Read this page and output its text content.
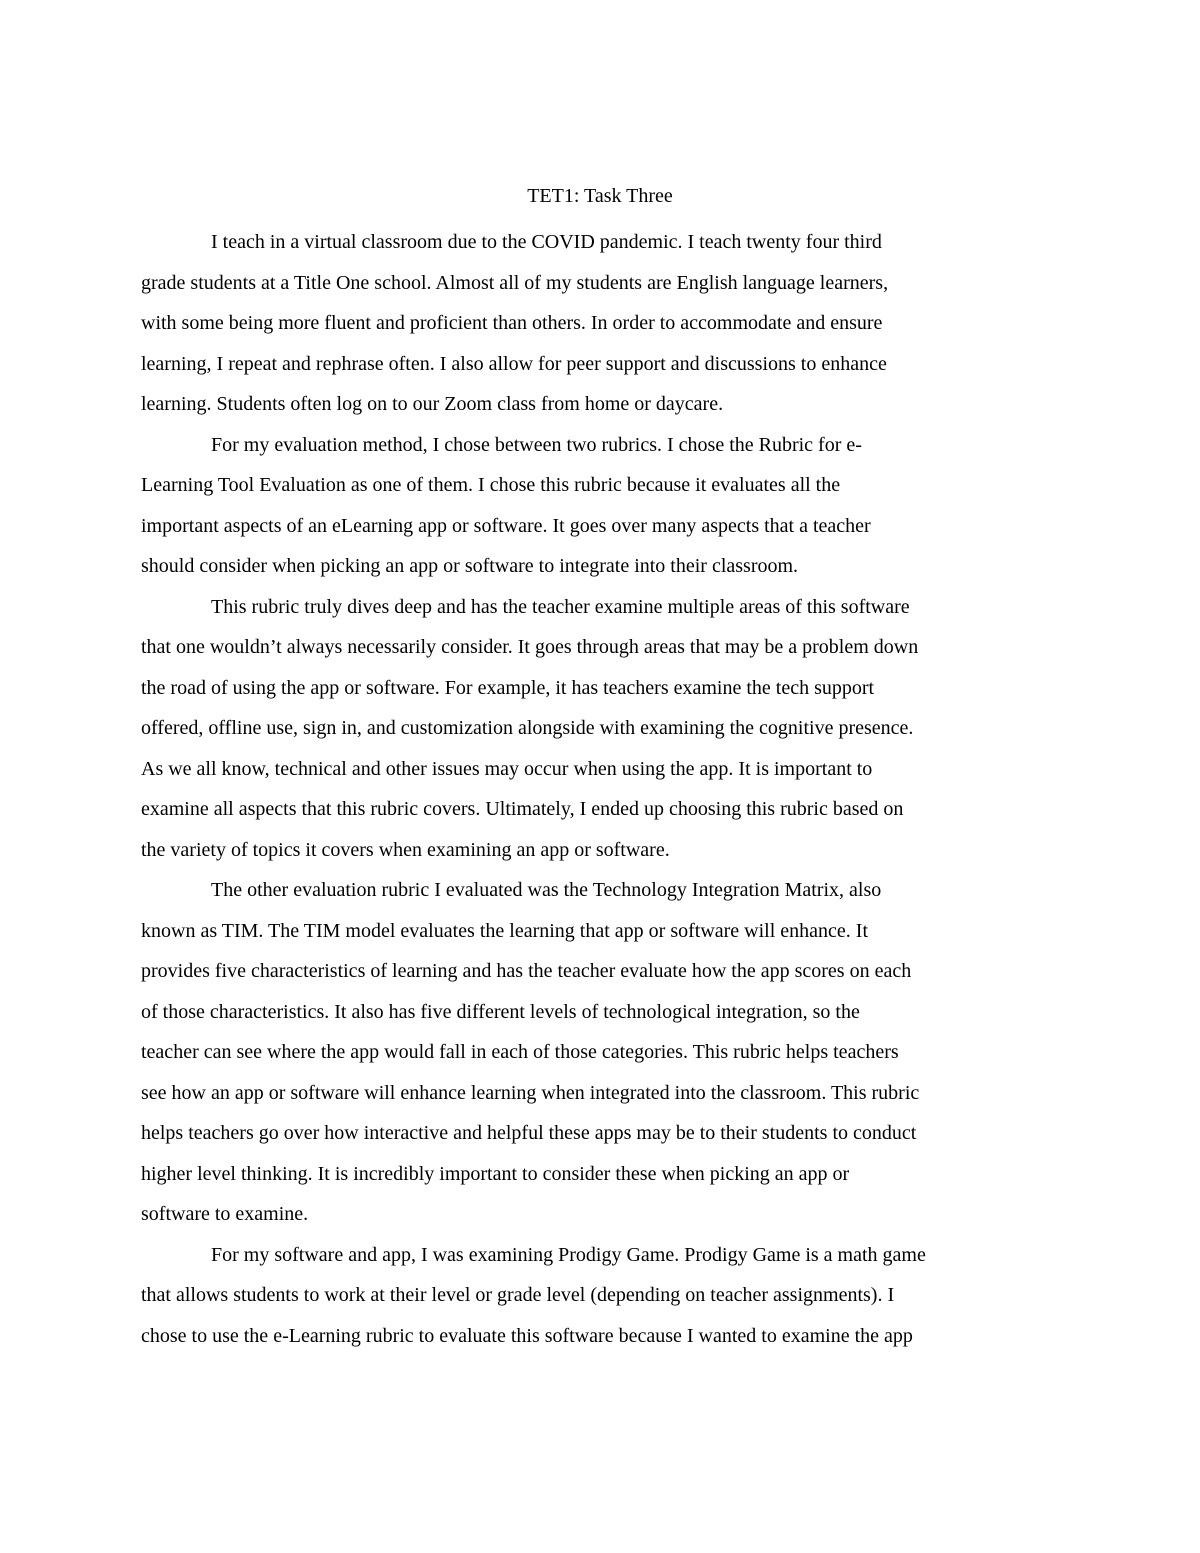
TET1: Task Three
I teach in a virtual classroom due to the COVID pandemic. I teach twenty four third
grade students at a Title One school. Almost all of my students are English language learners,
with some being more fluent and proficient than others. In order to accommodate and ensure
learning, I repeat and rephrase often. I also allow for peer support and discussions to enhance
learning. Students often log on to our Zoom class from home or daycare.
For my evaluation method, I chose between two rubrics. I chose the Rubric for e-
Learning Tool Evaluation as one of them. I chose this rubric because it evaluates all the
important aspects of an eLearning app or software. It goes over many aspects that a teacher
should consider when picking an app or software to integrate into their classroom.
This rubric truly dives deep and has the teacher examine multiple areas of this software
that one wouldn’t always necessarily consider. It goes through areas that may be a problem down
the road of using the app or software. For example, it has teachers examine the tech support
offered, offline use, sign in, and customization alongside with examining the cognitive presence.
As we all know, technical and other issues may occur when using the app. It is important to
examine all aspects that this rubric covers. Ultimately, I ended up choosing this rubric based on
the variety of topics it covers when examining an app or software.
The other evaluation rubric I evaluated was the Technology Integration Matrix, also
known as TIM. The TIM model evaluates the learning that app or software will enhance. It
provides five characteristics of learning and has the teacher evaluate how the app scores on each
of those characteristics. It also has five different levels of technological integration, so the
teacher can see where the app would fall in each of those categories. This rubric helps teachers
see how an app or software will enhance learning when integrated into the classroom. This rubric
helps teachers go over how interactive and helpful these apps may be to their students to conduct
higher level thinking. It is incredibly important to consider these when picking an app or
software to examine.
For my software and app, I was examining Prodigy Game. Prodigy Game is a math game
that allows students to work at their level or grade level (depending on teacher assignments). I
chose to use the e-Learning rubric to evaluate this software because I wanted to examine the app
